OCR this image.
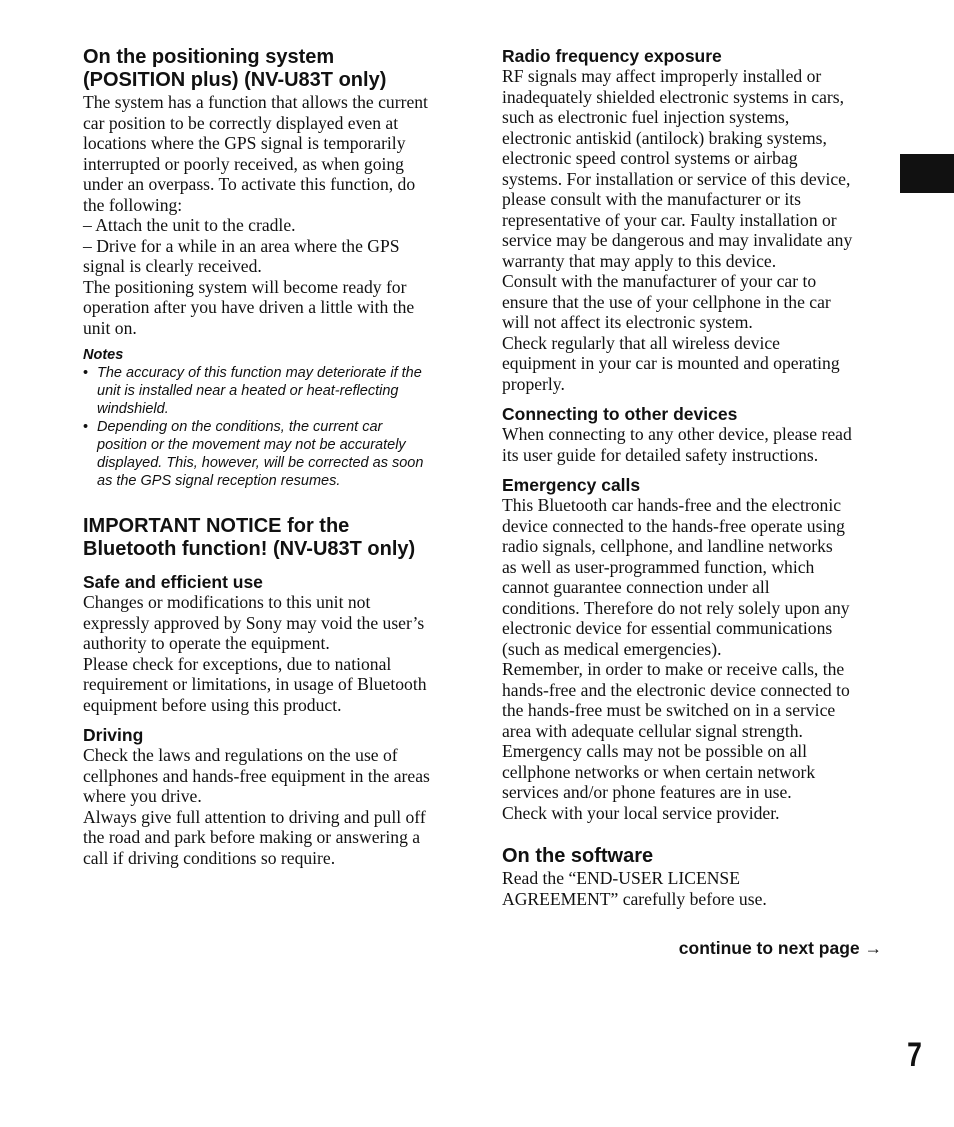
On the positioning system
(POSITION plus) (NV-U83T only)
The system has a function that allows the current
car position to be correctly displayed even at
locations where the GPS signal is temporarily
interrupted or poorly received, as when going
under an overpass. To activate this function, do
the following:
– Attach the unit to the cradle.
– Drive for a while in an area where the GPS
signal is clearly received.
The positioning system will become ready for
operation after you have driven a little with the
unit on.
Notes
• The accuracy of this function may deteriorate if the
unit is installed near a heated or heat-reflecting
windshield.
• Depending on the conditions, the current car
position or the movement may not be accurately
displayed. This, however, will be corrected as soon
as the GPS signal reception resumes.
IMPORTANT NOTICE for the
Bluetooth function! (NV-U83T only)
Safe and efficient use
Changes or modifications to this unit not
expressly approved by Sony may void the user’s
authority to operate the equipment.
Please check for exceptions, due to national
requirement or limitations, in usage of Bluetooth
equipment before using this product.
Driving
Check the laws and regulations on the use of
cellphones and hands-free equipment in the areas
where you drive.
Always give full attention to driving and pull off
the road and park before making or answering a
call if driving conditions so require.
Radio frequency exposure
RF signals may affect improperly installed or
inadequately shielded electronic systems in cars,
such as electronic fuel injection systems,
electronic antiskid (antilock) braking systems,
electronic speed control systems or airbag
systems. For installation or service of this device,
please consult with the manufacturer or its
representative of your car. Faulty installation or
service may be dangerous and may invalidate any
warranty that may apply to this device.
Consult with the manufacturer of your car to
ensure that the use of your cellphone in the car
will not affect its electronic system.
Check regularly that all wireless device
equipment in your car is mounted and operating
properly.
Connecting to other devices
When connecting to any other device, please read
its user guide for detailed safety instructions.
Emergency calls
This Bluetooth car hands-free and the electronic
device connected to the hands-free operate using
radio signals, cellphone, and landline networks
as well as user-programmed function, which
cannot guarantee connection under all
conditions. Therefore do not rely solely upon any
electronic device for essential communications
(such as medical emergencies).
Remember, in order to make or receive calls, the
hands-free and the electronic device connected to
the hands-free must be switched on in a service
area with adequate cellular signal strength.
Emergency calls may not be possible on all
cellphone networks or when certain network
services and/or phone features are in use.
Check with your local service provider.
On the software
Read the “END-USER LICENSE
AGREEMENT” carefully before use.
continue to next page →
7
